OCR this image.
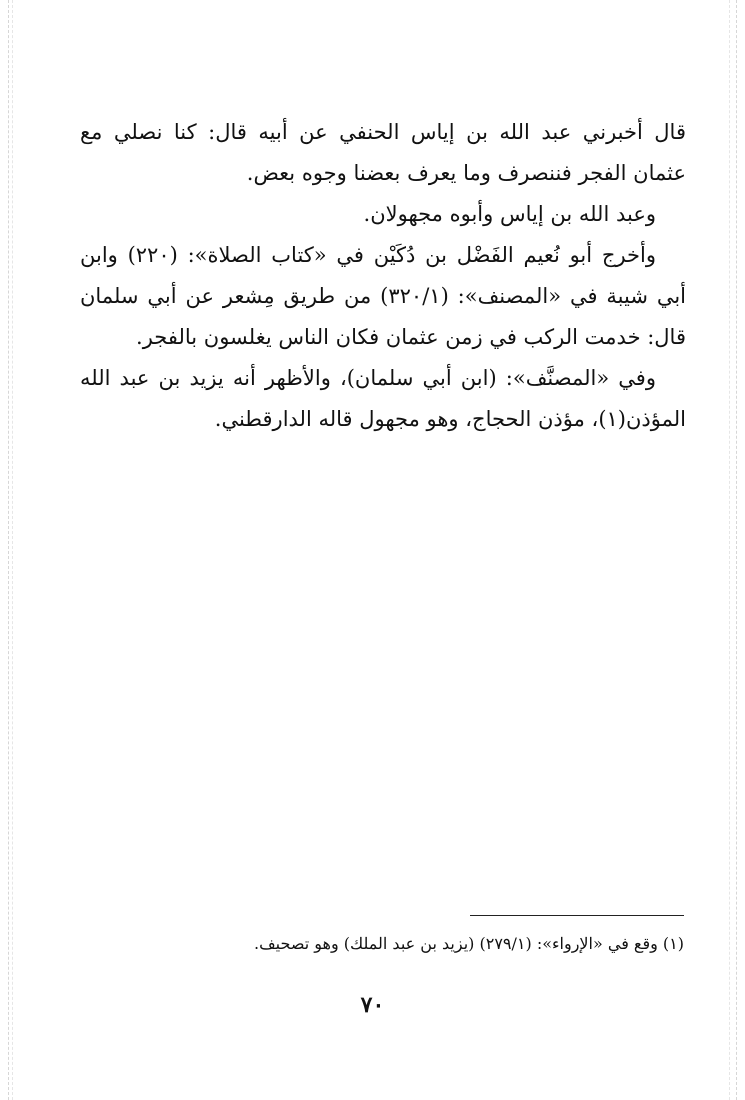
قال أخبرني عبد الله بن إياس الحنفي عن أبيه قال: كنا نصلي مع عثمان الفجر فننصرف وما يعرف بعضنا وجوه بعض.

وعبد الله بن إياس وأبوه مجهولان.

وأخرج أبو نُعيم الفَضْل بن دُكَيْن في «كتاب الصلاة»: (٢٢٠) وابن أبي شيبة في «المصنف»: (٣٢٠/١) من طريق مِشعر عن أبي سلمان قال: خدمت الركب في زمن عثمان فكان الناس يغلسون بالفجر.

وفي «المصنَّف»: (ابن أبي سلمان)، والأظهر أنه يزيد بن عبد الله المؤذن(١)، مؤذن الحجاج، وهو مجهول قاله الدارقطني.

(١) وقع في «الإرواء»: (٢٧٩/١) (يزيد بن عبد الملك) وهو تصحيف.
٧٠
